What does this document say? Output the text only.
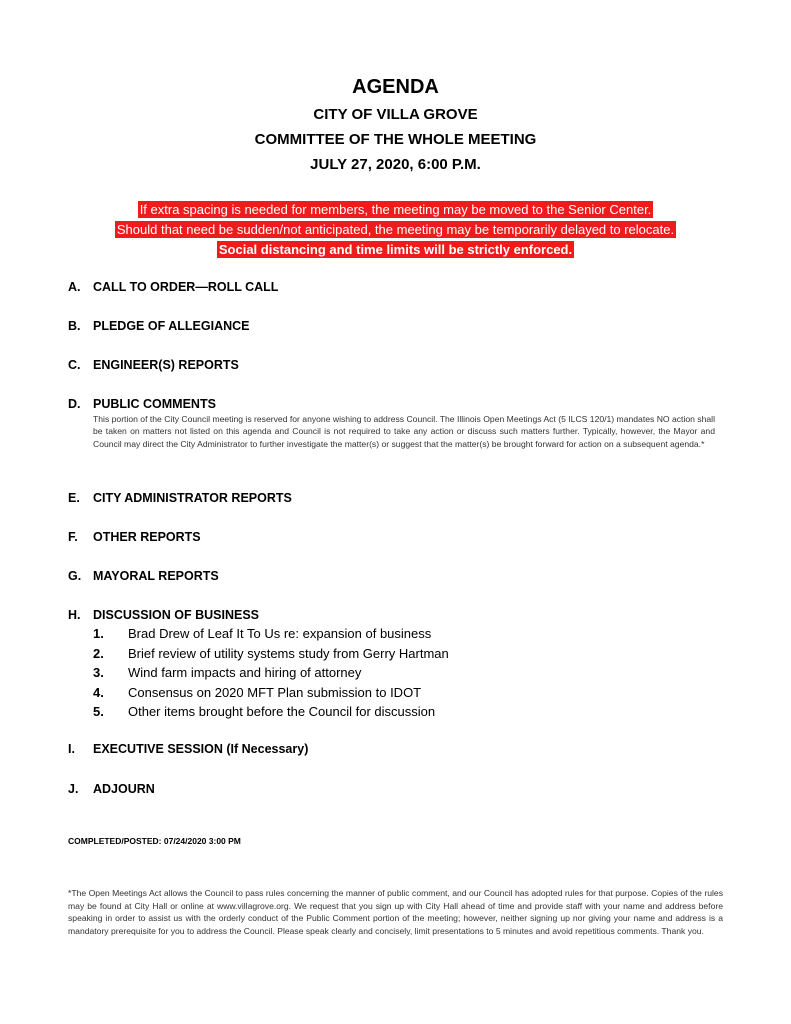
AGENDA
CITY OF VILLA GROVE
COMMITTEE OF THE WHOLE MEETING
JULY 27, 2020, 6:00 P.M.
If extra spacing is needed for members, the meeting may be moved to the Senior Center.
Should that need be sudden/not anticipated, the meeting may be temporarily delayed to relocate.
Social distancing and time limits will be strictly enforced.
A. CALL TO ORDER—ROLL CALL
B. PLEDGE OF ALLEGIANCE
C. ENGINEER(S) REPORTS
D. PUBLIC COMMENTS
This portion of the City Council meeting is reserved for anyone wishing to address Council. The Illinois Open Meetings Act (5 ILCS 120/1) mandates NO action shall be taken on matters not listed on this agenda and Council is not required to take any action or discuss such matters further. Typically, however, the Mayor and Council may direct the City Administrator to further investigate the matter(s) or suggest that the matter(s) be brought forward for action on a subsequent agenda.*
E. CITY ADMINISTRATOR REPORTS
F. OTHER REPORTS
G. MAYORAL REPORTS
H. DISCUSSION OF BUSINESS
1.	Brad Drew of Leaf It To Us re: expansion of business
2.	Brief review of utility systems study from Gerry Hartman
3.	Wind farm impacts and hiring of attorney
4.	Consensus on 2020 MFT Plan submission to IDOT
5.	Other items brought before the Council for discussion
I. EXECUTIVE SESSION (If Necessary)
J. ADJOURN
COMPLETED/POSTED: 07/24/2020 3:00 PM
*The Open Meetings Act allows the Council to pass rules concerning the manner of public comment, and our Council has adopted rules for that purpose. Copies of the rules may be found at City Hall or online at www.villagrove.org. We request that you sign up with City Hall ahead of time and provide staff with your name and address before speaking in order to assist us with the orderly conduct of the Public Comment portion of the meeting; however, neither signing up nor giving your name and address is a mandatory prerequisite for you to address the Council. Please speak clearly and concisely, limit presentations to 5 minutes and avoid repetitious comments. Thank you.
